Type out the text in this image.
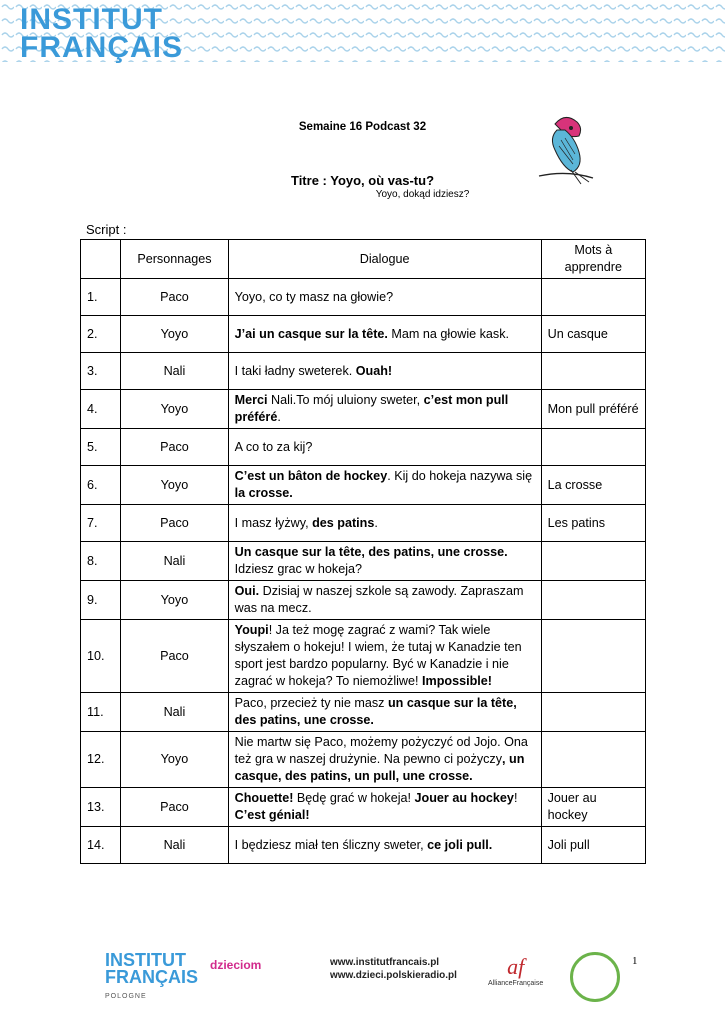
INSTITUT
FRANÇAIS
Semaine 16 Podcast 32
Titre : Yoyo, où vas-tu?
Yoyo, dokąd idziesz?
Script :
	Personnages	Dialogue	Mots à apprendre
1.	Paco	Yoyo, co ty masz na głowie?	
2.	Yoyo	J’ai un casque sur la tête. Mam na głowie kask.	Un casque
3.	Nali	I taki ładny sweterek. Ouah!	
4.	Yoyo	Merci Nali.To mój uluiony sweter, c’est mon pull préféré.	Mon pull préféré
5.	Paco	A co to za kij?	
6.	Yoyo	C’est un bâton de hockey. Kij do hokeja nazywa się la crosse.	La crosse
7.	Paco	I masz łyżwy, des patins.	Les patins
8.	Nali	Un casque sur la tête, des patins, une crosse. Idziesz grac w hokeja?	
9.	Yoyo	Oui. Dzisiaj w naszej szkole są zawody. Zapraszam was na mecz.	
10.	Paco	Youpi! Ja też mogę zagrać z wami? Tak wiele słyszałem o hokeju! I wiem, że tutaj w Kanadzie ten sport jest bardzo popularny. Być w Kanadzie i nie zagrać w hokeja? To niemożliwe! Impossible!	
11.	Nali	Paco, przecież ty nie masz un casque sur la tête, des patins, une crosse.	
12.	Yoyo	Nie martw się Paco, możemy pożyczyć od Jojo. Ona też gra w naszej drużynie. Na pewno ci pożyczy, un casque, des patins, un pull, une crosse.	
13.	Paco	Chouette! Będę grać w hokeja! Jouer au hockey! C’est génial!	Jouer au hockey
14.	Nali	I będziesz miał ten śliczny sweter, ce joli pull.	Joli pull
INSTITUT
FRANÇAIS
POLOGNE
dzieciom	www.institutfrancais.pl
www.dzieci.polskieradio.pl	af
AllianceFrançaise
1
